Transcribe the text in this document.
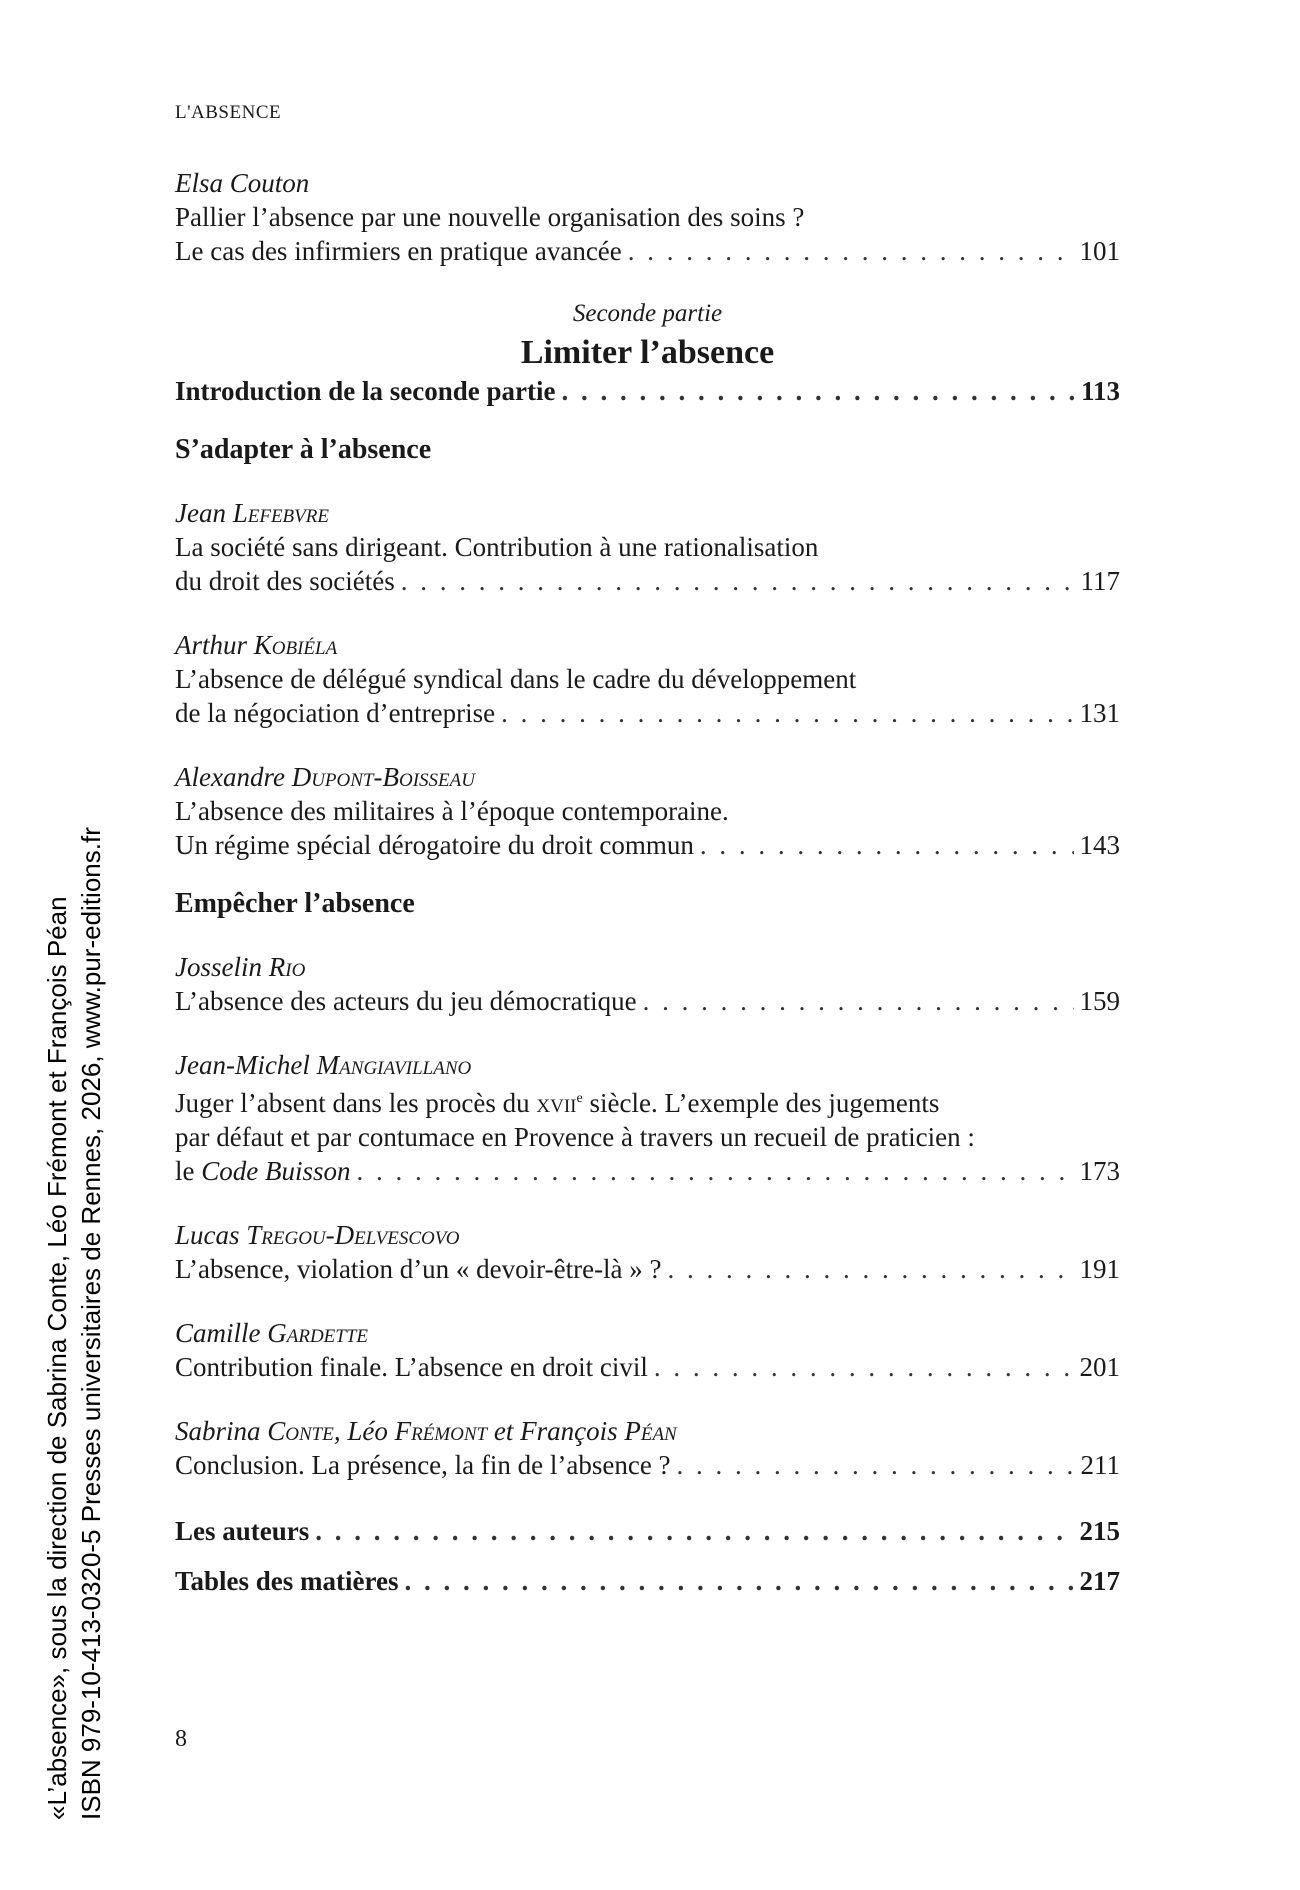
L'ABSENCE
Elsa Couton
Pallier l’absence par une nouvelle organisation des soins ?
Le cas des infirmiers en pratique avancée . . .	101
Seconde partie
Limiter l’absence
Introduction de la seconde partie . . .	113
S’adapter à l’absence
Jean Lefebvre
La société sans dirigeant. Contribution à une rationalisation
du droit des sociétés . . .	117
Arthur Kobiéla
L’absence de délégué syndical dans le cadre du développement
de la négociation d’entreprise . . .	131
Alexandre Dupont-Boisseau
L’absence des militaires à l’époque contemporaine.
Un régime spécial dérogatoire du droit commun . . .	143
Empêcher l’absence
Josselin Rio
L’absence des acteurs du jeu démocratique . . .	159
Jean-Michel Mangiavillano
Juger l’absent dans les procès du xvii$^e$ siècle. L’exemple des jugements
par défaut et par contumace en Provence à travers un recueil de praticien :
le Code Buisson . . .	173
Lucas Tregou-Delvescovo
L’absence, violation d’un « devoir-être-là » ? . . .	191
Camille Gardette
Contribution finale. L’absence en droit civil . . .	201
Sabrina Conte, Léo Frémont et François Péan
Conclusion. La présence, la fin de l’absence ? . . .	211
Les auteurs . . .	215
Tables des matières . . .	217
8
«L’absence», sous la direction de Sabrina Conte, Léo Frémont et François Péan ISBN 979-10-413-0320-5 Presses universitaires de Rennes, 2026, www.pur-editions.fr
